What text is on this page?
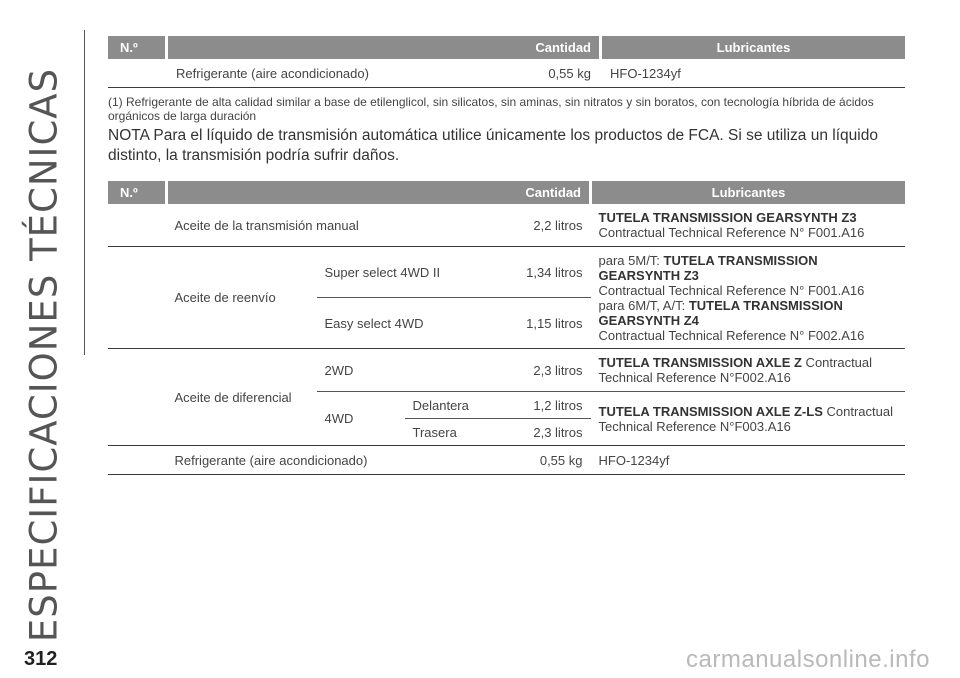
ESPECIFICACIONES TÉCNICAS
N.º		Cantidad				Lubricantes
		Refrigerante (aire acondicionado)		0,55 kg		HFO-1234yf
(1) Refrigerante de alta calidad similar a base de etilenglicol, sin silicatos, sin aminas, sin nitratos y sin boratos, con tecnología híbrida de ácidos orgánicos de larga duración
NOTA Para el líquido de transmisión automática utilice únicamente los productos de FCA. Si se utiliza un líquido distinto, la transmisión podría sufrir daños.
N.º	Cantidad				Lubricantes
	Aceite de la transmisión manual			2,2 litros	TUTELA TRANSMISSION GEARSYNTH Z3
Contractual Technical Reference N° F001.A16
	Aceite de reenvío	Super select 4WD II		1,34 litros	para 5M/T: TUTELA TRANSMISSION GEARSYNTH Z3
Contractual Technical Reference N° F001.A16
para 6M/T, A/T: TUTELA TRANSMISSION GEARSYNTH Z4
Contractual Technical Reference N° F002.A16
		Easy select 4WD		1,15 litros	
	Aceite de diferencial	2WD		2,3 litros	TUTELA TRANSMISSION AXLE Z Contractual Technical Reference N°F002.A16
		4WD	Delantera	1,2 litros	TUTELA TRANSMISSION AXLE Z-LS Contractual Technical Reference N°F003.A16
			Trasera	2,3 litros	
	Refrigerante (aire acondicionado)			0,55 kg	HFO-1234yf
312	carmanualsonline.info
